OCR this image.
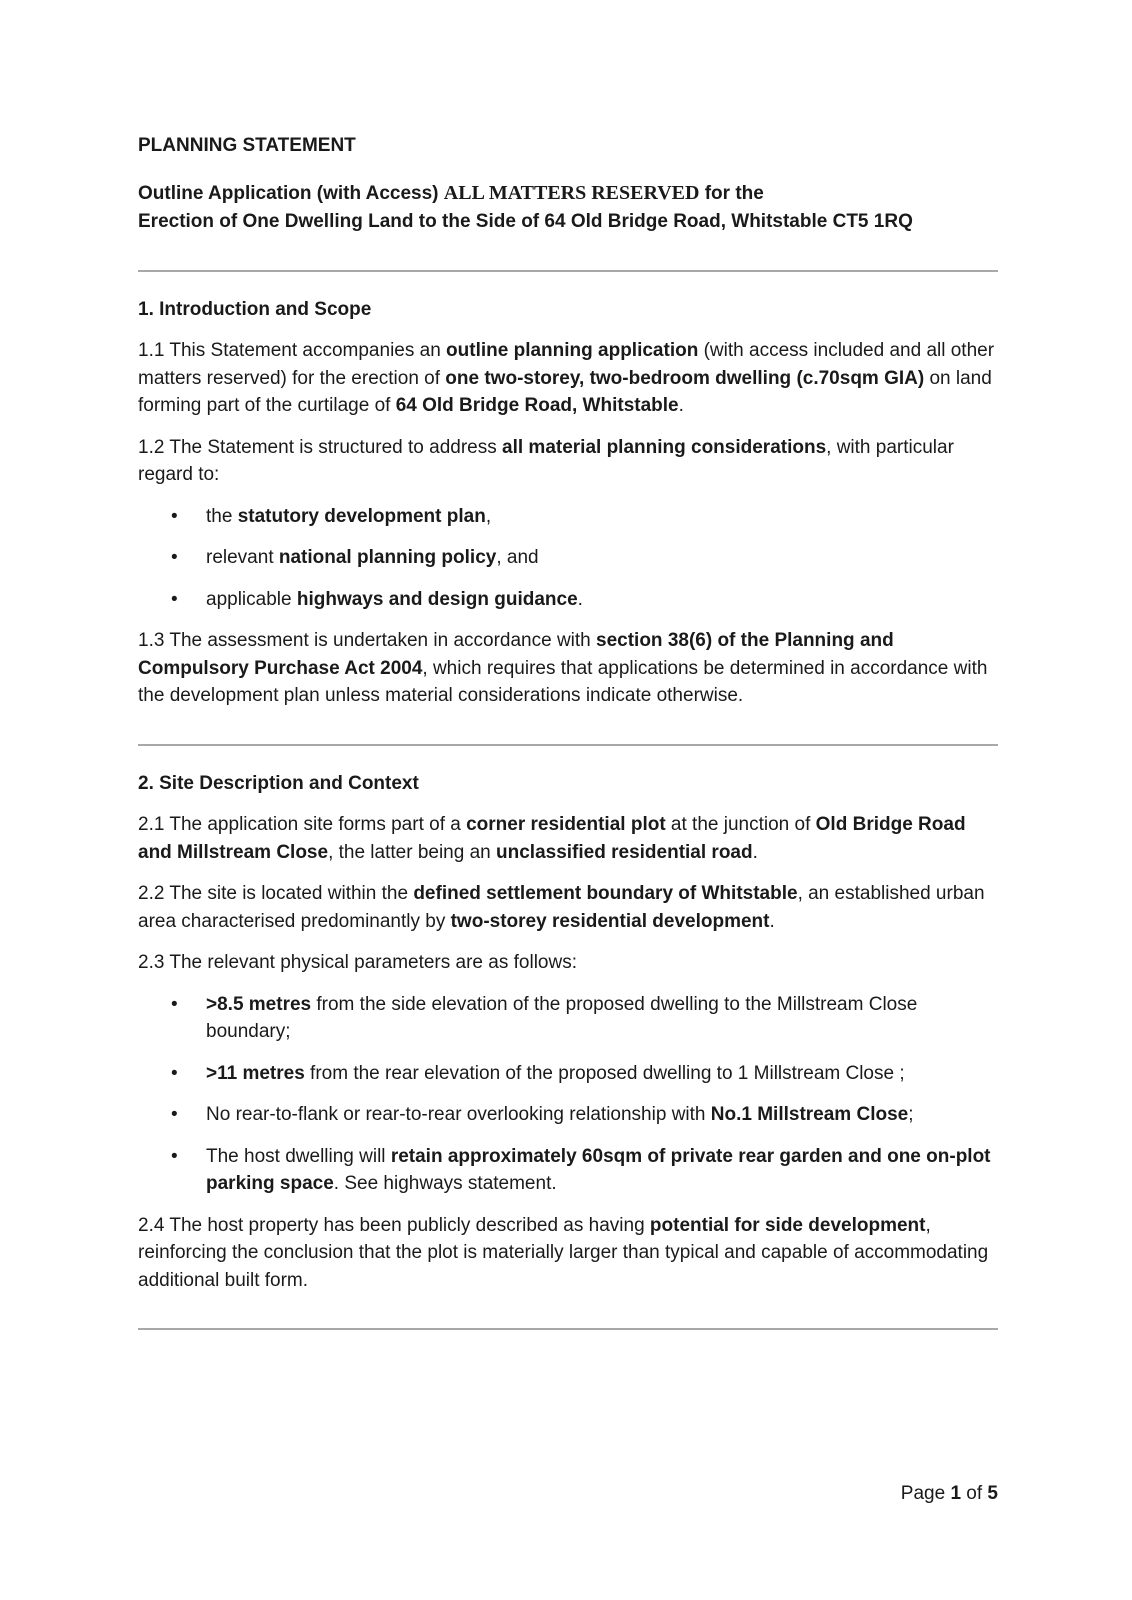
PLANNING STATEMENT

Outline Application (with Access) ALL MATTERS RESERVED for the
Erection of One Dwelling Land to the Side of 64 Old Bridge Road, Whitstable CT5 1RQ

1. Introduction and Scope

1.1 This Statement accompanies an outline planning application (with access included and all other matters reserved) for the erection of one two-storey, two-bedroom dwelling (c.70sqm GIA) on land forming part of the curtilage of 64 Old Bridge Road, Whitstable.

1.2 The Statement is structured to address all material planning considerations, with particular regard to:

• the statutory development plan,
• relevant national planning policy, and
• applicable highways and design guidance.

1.3 The assessment is undertaken in accordance with section 38(6) of the Planning and Compulsory Purchase Act 2004, which requires that applications be determined in accordance with the development plan unless material considerations indicate otherwise.

2. Site Description and Context

2.1 The application site forms part of a corner residential plot at the junction of Old Bridge Road and Millstream Close, the latter being an unclassified residential road.

2.2 The site is located within the defined settlement boundary of Whitstable, an established urban area characterised predominantly by two-storey residential development.

2.3 The relevant physical parameters are as follows:

• >8.5 metres from the side elevation of the proposed dwelling to the Millstream Close boundary;
• >11 metres from the rear elevation of the proposed dwelling to 1 Millstream Close ;
• No rear-to-flank or rear-to-rear overlooking relationship with No.1 Millstream Close;
• The host dwelling will retain approximately 60sqm of private rear garden and one on-plot parking space. See highways statement.

2.4 The host property has been publicly described as having potential for side development, reinforcing the conclusion that the plot is materially larger than typical and capable of accommodating additional built form.

Page 1 of 5
